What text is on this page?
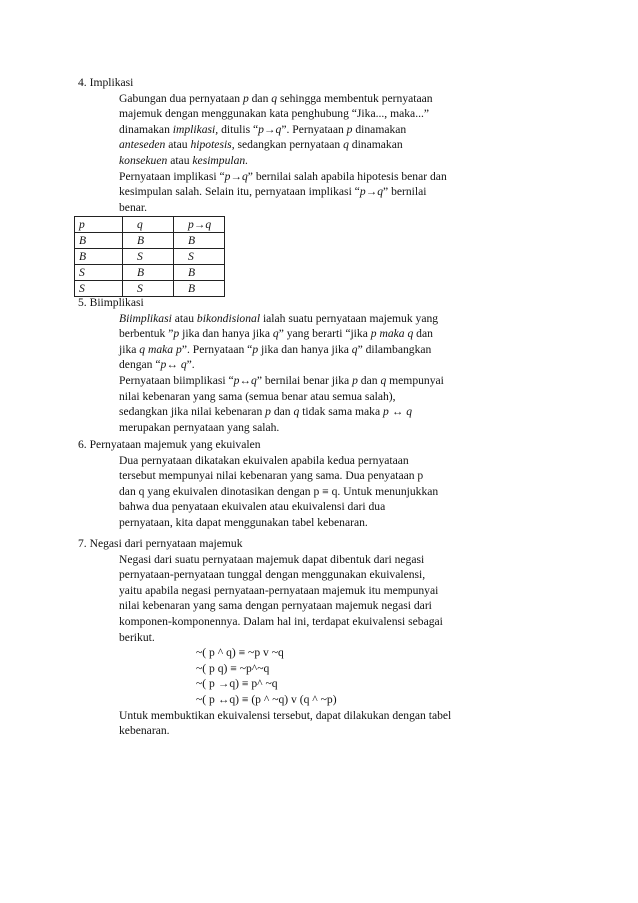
4. Implikasi
Gabungan dua pernyataan p dan q sehingga membentuk pernyataan
majemuk dengan menggunakan kata penghubung “Jika..., maka...”
dinamakan implikasi, ditulis “p→q”. Pernyataan p dinamakan
anteseden atau hipotesis, sedangkan pernyataan q dinamakan
konsekuen atau kesimpulan.
Pernyataan implikasi “p→q” bernilai salah apabila hipotesis benar dan
kesimpulan salah. Selain itu, pernyataan implikasi “p→q” bernilai
benar.
p	q	p→q
B	B	B
B	S	S
S	B	B
S	S	B
5. Biimplikasi
Biimplikasi atau bikondisional ialah suatu pernyataan majemuk yang
berbentuk ”p jika dan hanya jika q” yang berarti “jika p maka q dan
jika q maka p”. Pernyataan “p jika dan hanya jika q” dilambangkan
dengan “p↔ q”.
Pernyataan biimplikasi “p↔q” bernilai benar jika p dan q mempunyai
nilai kebenaran yang sama (semua benar atau semua salah),
sedangkan jika nilai kebenaran p dan q tidak sama maka p ↔ q
merupakan pernyataan yang salah.
6. Pernyataan majemuk yang ekuivalen
Dua pernyataan dikatakan ekuivalen apabila kedua pernyataan
tersebut mempunyai nilai kebenaran yang sama. Dua penyataan p
dan q yang ekuivalen dinotasikan dengan p ≡ q. Untuk menunjukkan
bahwa dua penyataan ekuivalen atau ekuivalensi dari dua
pernyataan, kita dapat menggunakan tabel kebenaran.
7. Negasi dari pernyataan majemuk
Negasi dari suatu pernyataan majemuk dapat dibentuk dari negasi
pernyataan-pernyataan tunggal dengan menggunakan ekuivalensi,
yaitu apabila negasi pernyataan-pernyataan majemuk itu mempunyai
nilai kebenaran yang sama dengan pernyataan majemuk negasi dari
komponen-komponennya. Dalam hal ini, terdapat ekuivalensi sebagai
berikut.
~( p ^ q) ≡ ~p v ~q
~( p q) ≡ ~p^~q
~( p →q) ≡ p^ ~q
~( p ↔q) ≡ (p ^ ~q) v (q ^ ~p)
Untuk membuktikan ekuivalensi tersebut, dapat dilakukan dengan tabel
kebenaran.
